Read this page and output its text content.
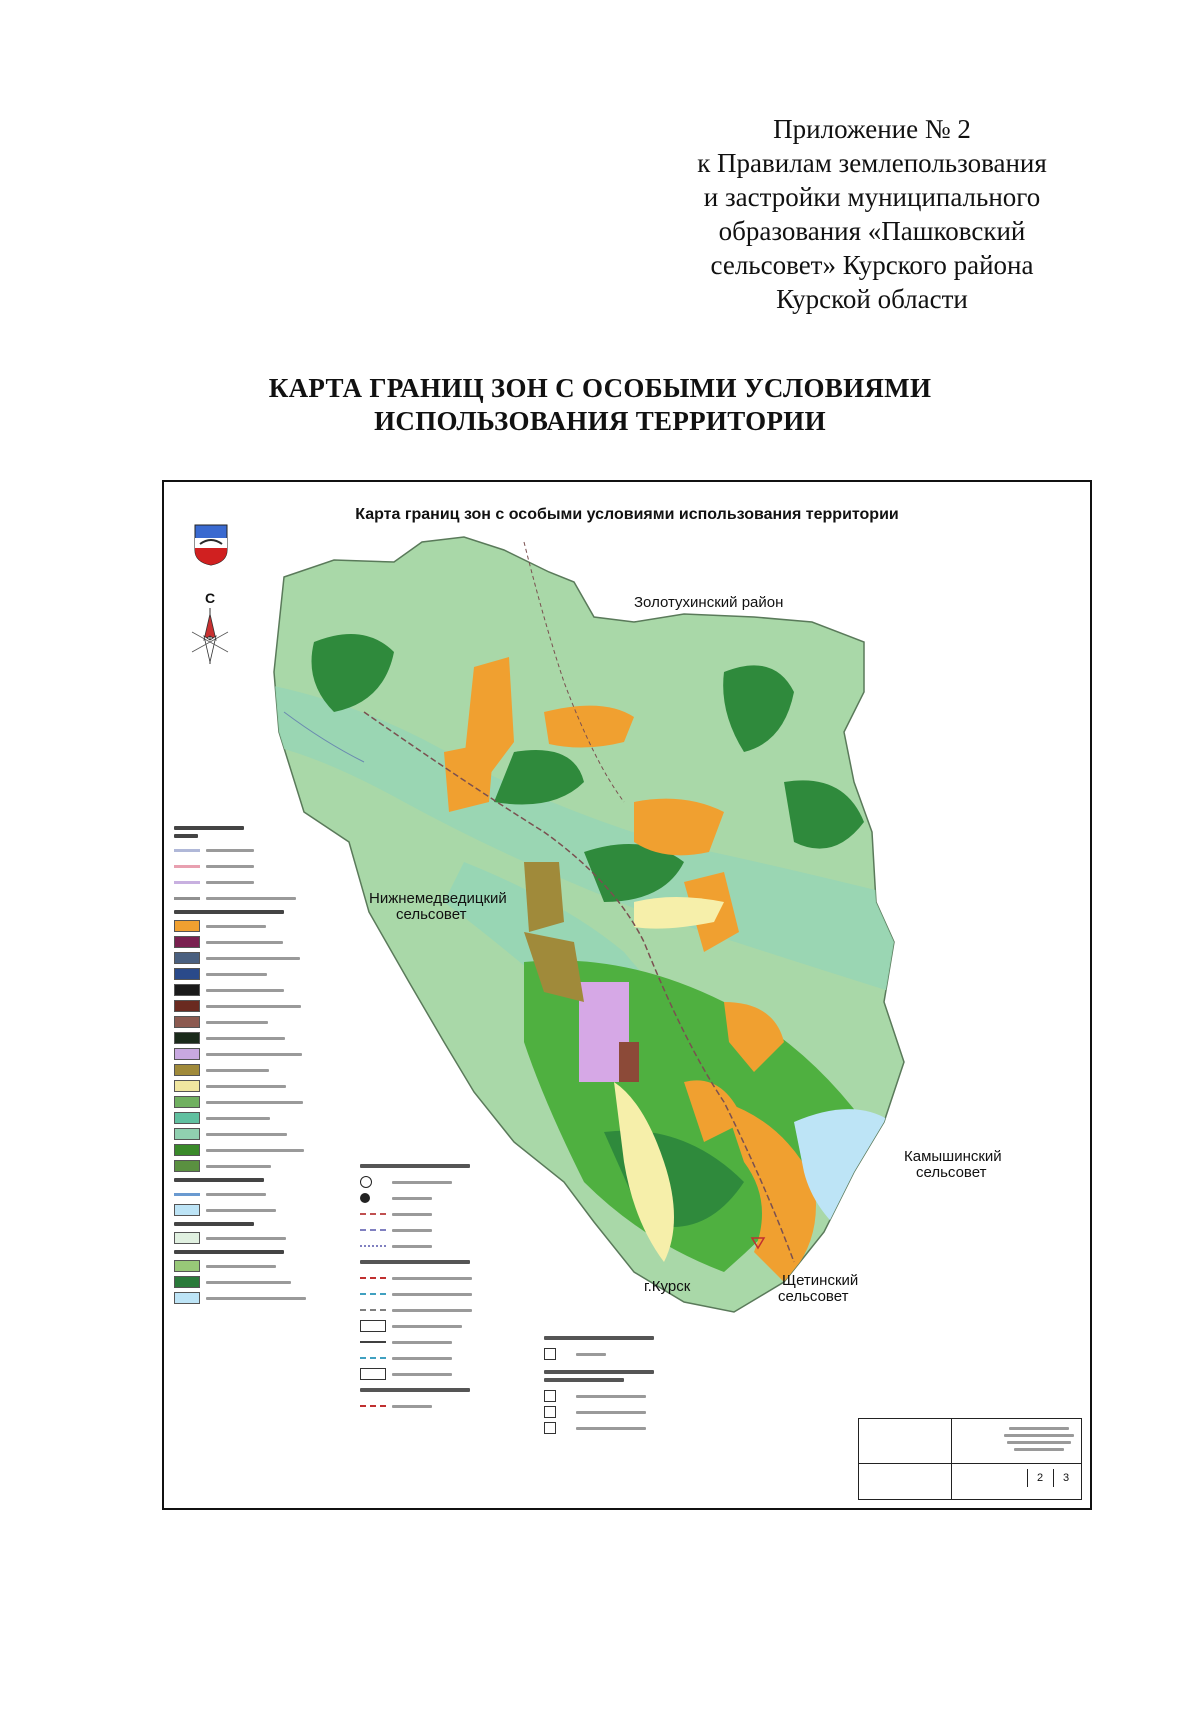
Приложение № 2
к Правилам землепользования
и застройки муниципального
образования «Пашковский
сельсовет» Курского района
Курской области
КАРТА ГРАНИЦ ЗОН С ОСОБЫМИ УСЛОВИЯМИ
ИСПОЛЬЗОВАНИЯ ТЕРРИТОРИИ
Карта границ зон с особыми условиями использования территории
С	Золотухинский район
Нижнемедведицкий
сельсовет
Камышинский
сельсовет
г.Курск	Щетинский
сельсовет
2	3
